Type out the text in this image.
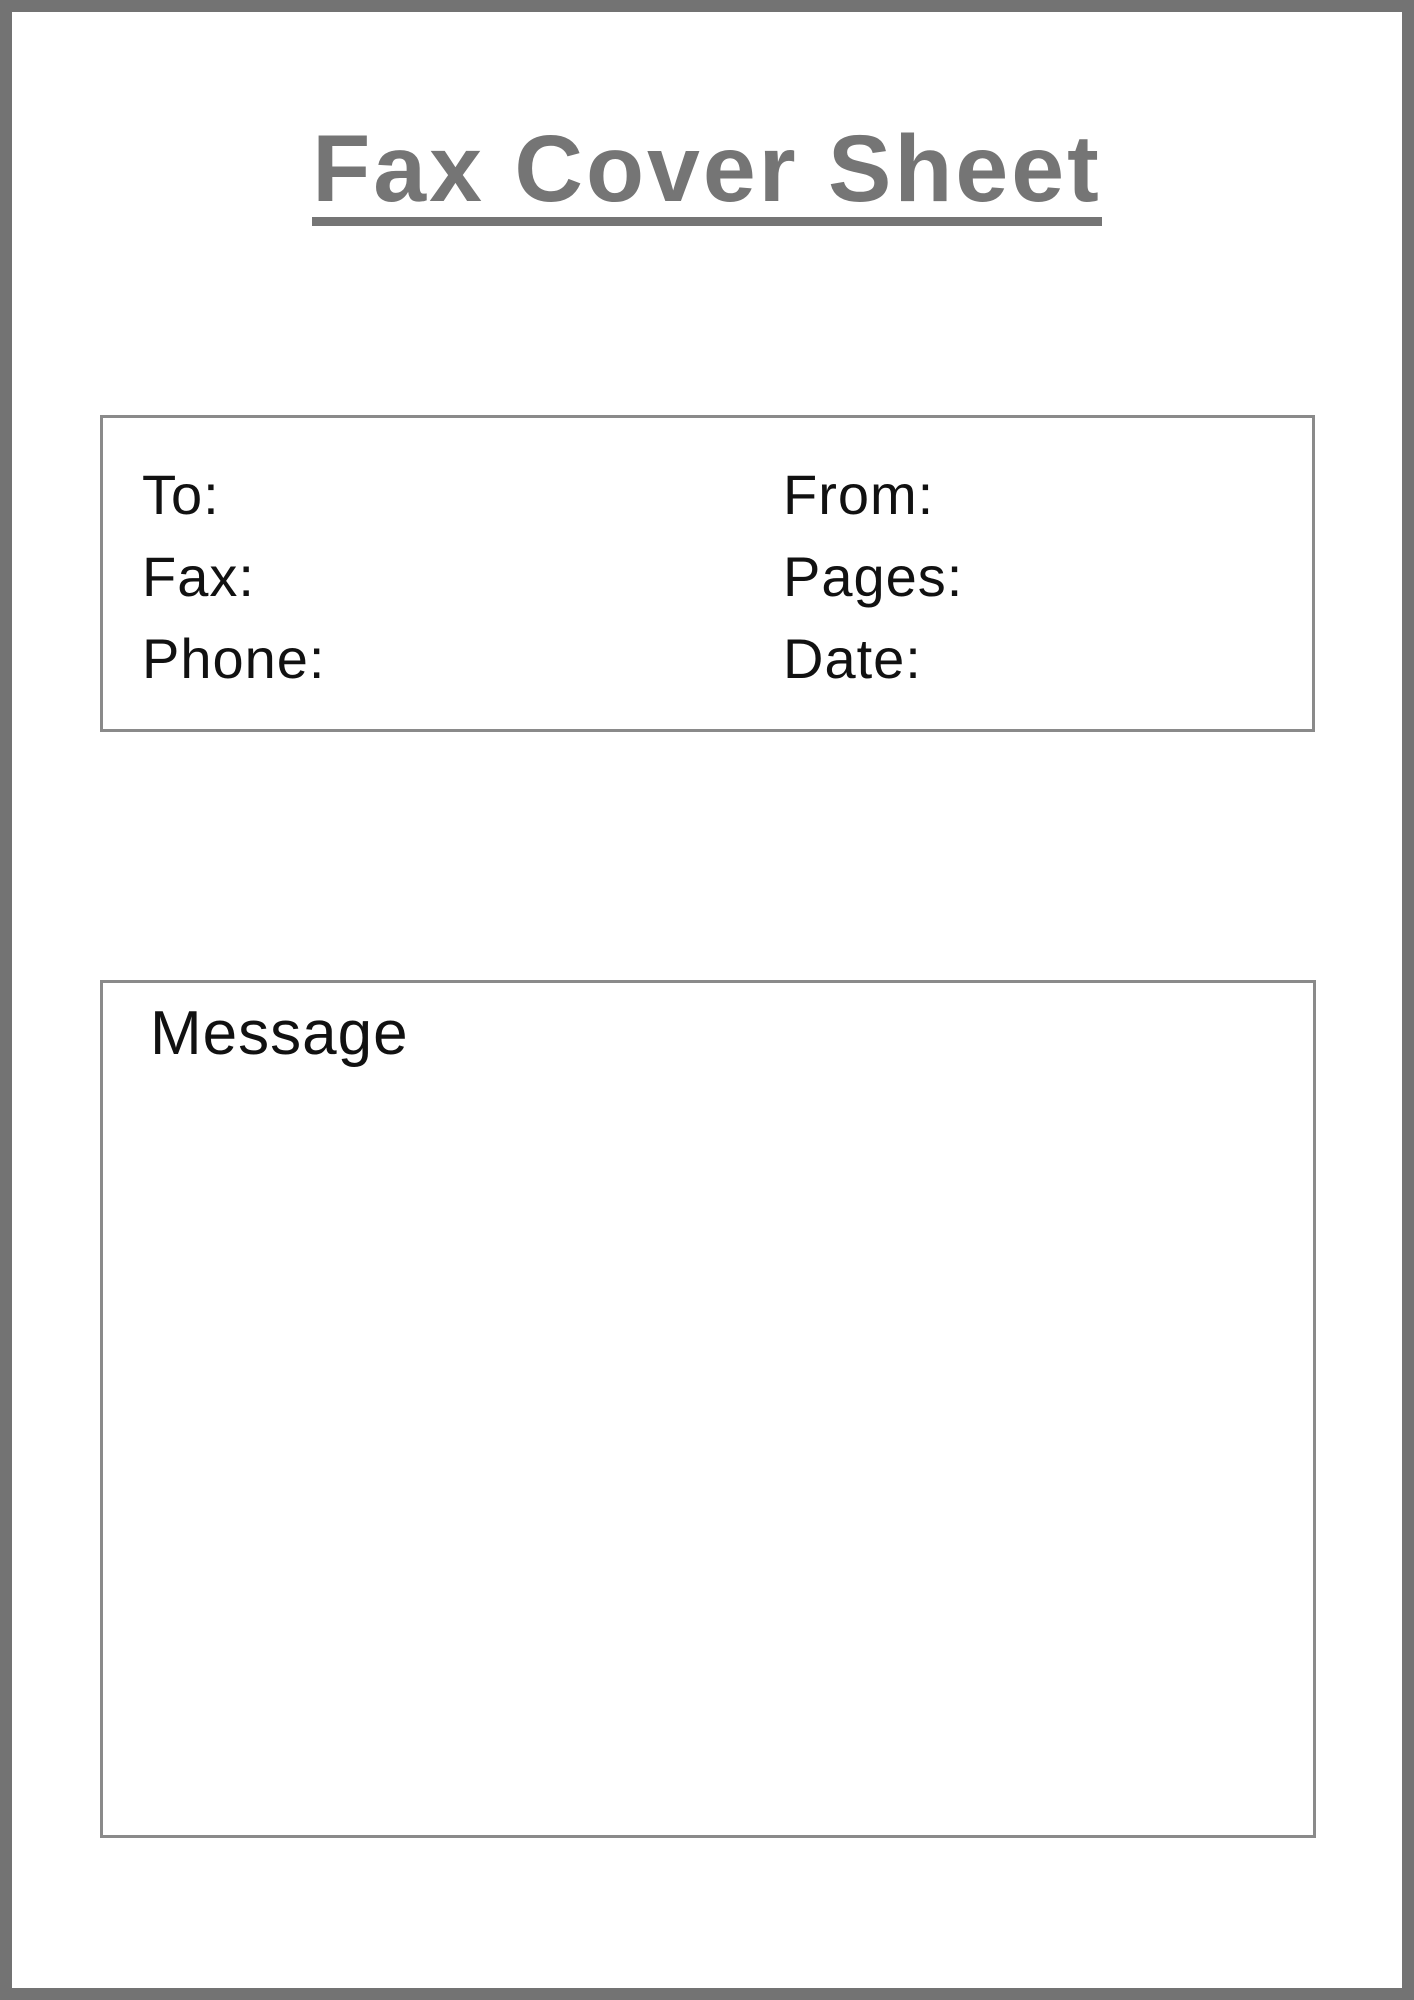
Fax Cover Sheet
To:	From:
Fax:	Pages:
Phone:	Date:
Message
